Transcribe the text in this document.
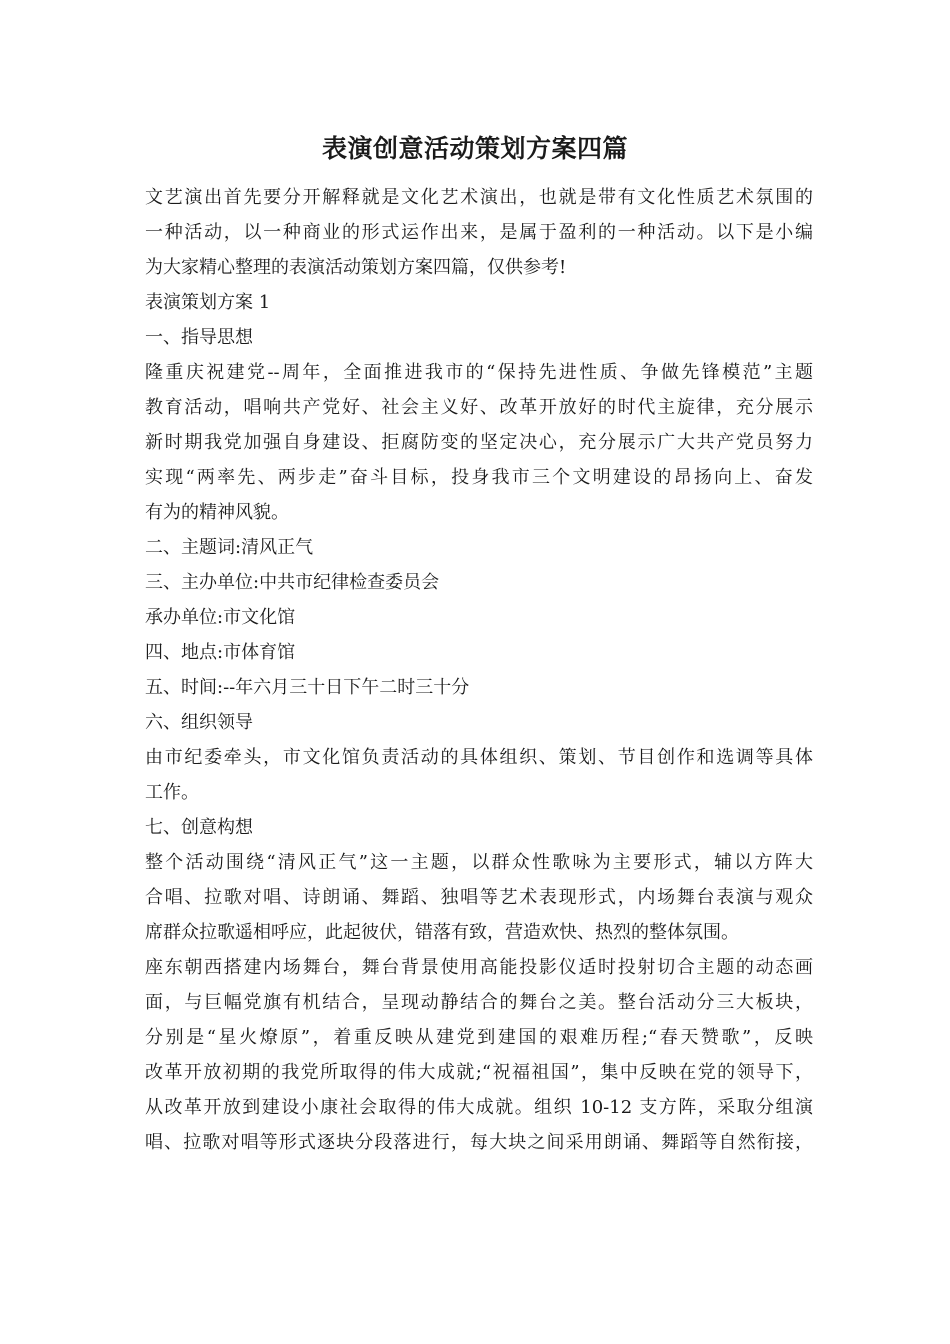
表演创意活动策划方案四篇
文艺演出首先要分开解释就是文化艺术演出，也就是带有文化性质艺术氛围的
一种活动，以一种商业的形式运作出来，是属于盈利的一种活动。以下是小编
为大家精心整理的表演活动策划方案四篇，仅供参考!
表演策划方案 1
一、指导思想
隆重庆祝建党--周年，全面推进我市的“保持先进性质、争做先锋模范”主题
教育活动，唱响共产党好、社会主义好、改革开放好的时代主旋律，充分展示
新时期我党加强自身建设、拒腐防变的坚定决心，充分展示广大共产党员努力
实现“两率先、两步走”奋斗目标，投身我市三个文明建设的昂扬向上、奋发
有为的精神风貌。
二、主题词:清风正气
三、主办单位:中共市纪律检查委员会
承办单位:市文化馆
四、地点:市体育馆
五、时间:--年六月三十日下午二时三十分
六、组织领导
由市纪委牵头，市文化馆负责活动的具体组织、策划、节目创作和选调等具体
工作。
七、创意构想
整个活动围绕“清风正气”这一主题，以群众性歌咏为主要形式，辅以方阵大
合唱、拉歌对唱、诗朗诵、舞蹈、独唱等艺术表现形式，内场舞台表演与观众
席群众拉歌遥相呼应，此起彼伏，错落有致，营造欢快、热烈的整体氛围。
座东朝西搭建内场舞台，舞台背景使用高能投影仪适时投射切合主题的动态画
面，与巨幅党旗有机结合，呈现动静结合的舞台之美。整台活动分三大板块，
分别是“星火燎原”，着重反映从建党到建国的艰难历程;“春天赞歌”，反映
改革开放初期的我党所取得的伟大成就;“祝福祖国”，集中反映在党的领导下，
从改革开放到建设小康社会取得的伟大成就。组织 10-12 支方阵，采取分组演
唱、拉歌对唱等形式逐块分段落进行，每大块之间采用朗诵、舞蹈等自然衔接，
